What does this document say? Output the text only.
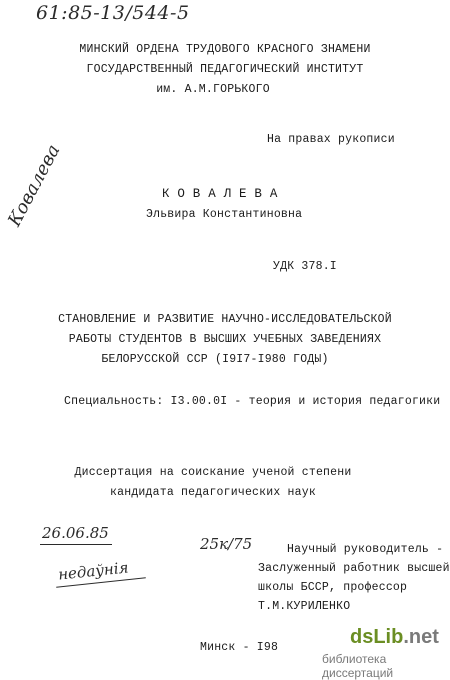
61:85-13/544-5
МИНСКИЙ ОРДЕНА ТРУДОВОГО КРАСНОГО ЗНАМЕНИ
ГОСУДАРСТВЕННЫЙ ПЕДАГОГИЧЕСКИЙ ИНСТИТУТ
им. А.М.ГОРЬКОГО
На правах рукописи
К О В А Л Е В А
Эльвира Константиновна
Ковалева
УДК 378.I
СТАНОВЛЕНИЕ И РАЗВИТИЕ НАУЧНО-ИССЛЕДОВАТЕЛЬСКОЙ
РАБОТЫ СТУДЕНТОВ В ВЫСШИХ УЧЕБНЫХ ЗАВЕДЕНИЯХ
БЕЛОРУССКОЙ ССР (I9I7-I980 ГОДЫ)
Специальность: I3.00.0I - теория и история педагогики
Диссертация на соискание ученой степени
кандидата педагогических наук
26.06.85
25к/75
недаўнія
Научный руководитель -
Заслуженный работник высшей
школы БССР, профессор
Т.М.КУРИЛЕНКО
Минск - I98	dsLib.net
библиотека диссертаций
